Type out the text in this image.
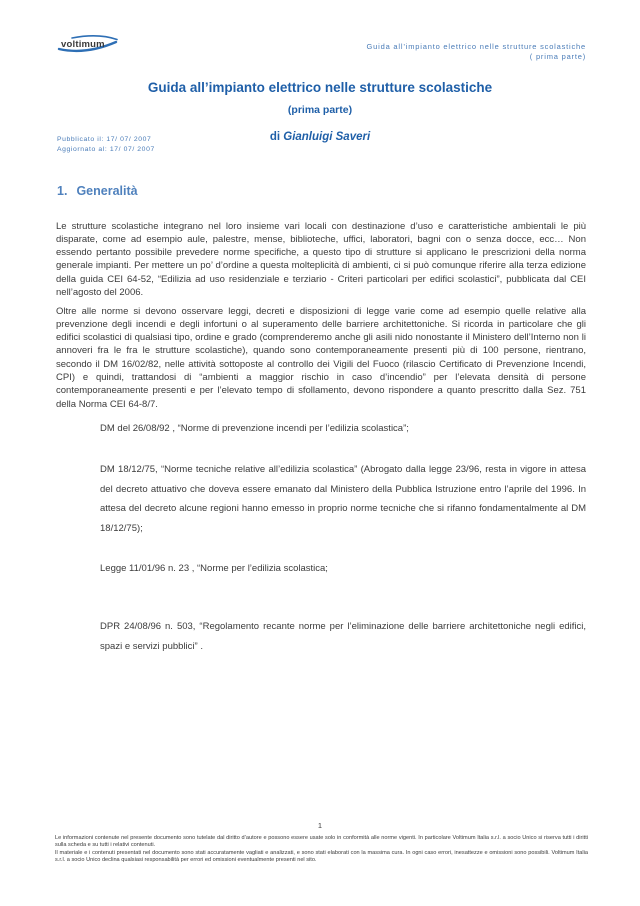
voltimum	Guida all’impianto elettrico nelle strutture scolastiche
( prima parte)
Guida all’impianto elettrico nelle strutture scolastiche
(prima parte)
Pubblicato il: 17/ 07/ 2007
Aggiornato al: 17/ 07/ 2007
di Gianluigi Saveri
1. Generalità

Le strutture scolastiche integrano nel loro insieme vari locali con destinazione d’uso e caratteristiche ambientali le più disparate, come ad esempio aule, palestre, mense, biblioteche, uffici, laboratori, bagni con o senza docce, ecc… Non essendo pertanto possibile prevedere norme specifiche, a questo tipo di strutture si applicano le prescrizioni della norma generale impianti. Per mettere un po’ d’ordine a questa molteplicità di ambienti, ci si può comunque riferire alla terza edizione della guida CEI 64-52, “Edilizia ad uso residenziale e terziario - Criteri particolari per edifici scolastici”, pubblicata dal CEI nell’agosto del 2006.

Oltre alle norme si devono osservare leggi, decreti e disposizioni di legge varie come ad esempio quelle relative alla prevenzione degli incendi e degli infortuni o al superamento delle barriere architettoniche. Si ricorda in particolare che gli edifici scolastici di qualsiasi tipo, ordine e grado (comprenderemo anche gli asili nido nonostante il Ministero dell’Interno non li annoveri fra le fra le strutture scolastiche), quando sono contemporaneamente presenti più di 100 persone, rientrano, secondo il DM 16/02/82, nelle attività sottoposte al controllo dei Vigili del Fuoco (rilascio Certificato di Prevenzione Incendi, CPI) e quindi, trattandosi di “ambienti a maggior rischio in caso d’incendio” per l’elevata densità di persone contemporaneamente presenti e per l’elevato tempo di sfollamento, devono rispondere a quanto prescritto dalla Sez. 751 della Norma CEI 64-8/7.

DM del 26/08/92 , “Norme di prevenzione incendi per l’edilizia scolastica”;
DM 18/12/75, “Norme tecniche relative all’edilizia scolastica” (Abrogato dalla legge 23/96, resta in vigore in attesa del decreto attuativo che doveva essere emanato dal Ministero della Pubblica Istruzione entro l’aprile del 1996. In attesa del decreto alcune regioni hanno emesso in proprio norme tecniche che si rifanno fondamentalmente al DM 18/12/75);
Legge 11/01/96 n. 23 , “Norme per l’edilizia scolastica;
DPR 24/08/96 n. 503, “Regolamento recante norme per l’eliminazione delle barriere architettoniche negli edifici, spazi e servizi pubblici” .
1
Le informazioni contenute nel presente documento sono tutelate dal diritto d’autore e possono essere usate solo in conformità alle norme vigenti. In particolare Voltimum Italia s.r.l. a socio Unico si riserva tutti i diritti sulla scheda e su tutti i relativi contenuti.
Il materiale e i contenuti presentati nel documento sono stati accuratamente vagliati e analizzati, e sono stati elaborati con la massima cura. In ogni caso errori, inesattezze e omissioni sono possibili. Voltimum Italia s.r.l. a socio Unico declina qualsiasi responsabilità per errori ed omissioni eventualmente presenti nel sito.
